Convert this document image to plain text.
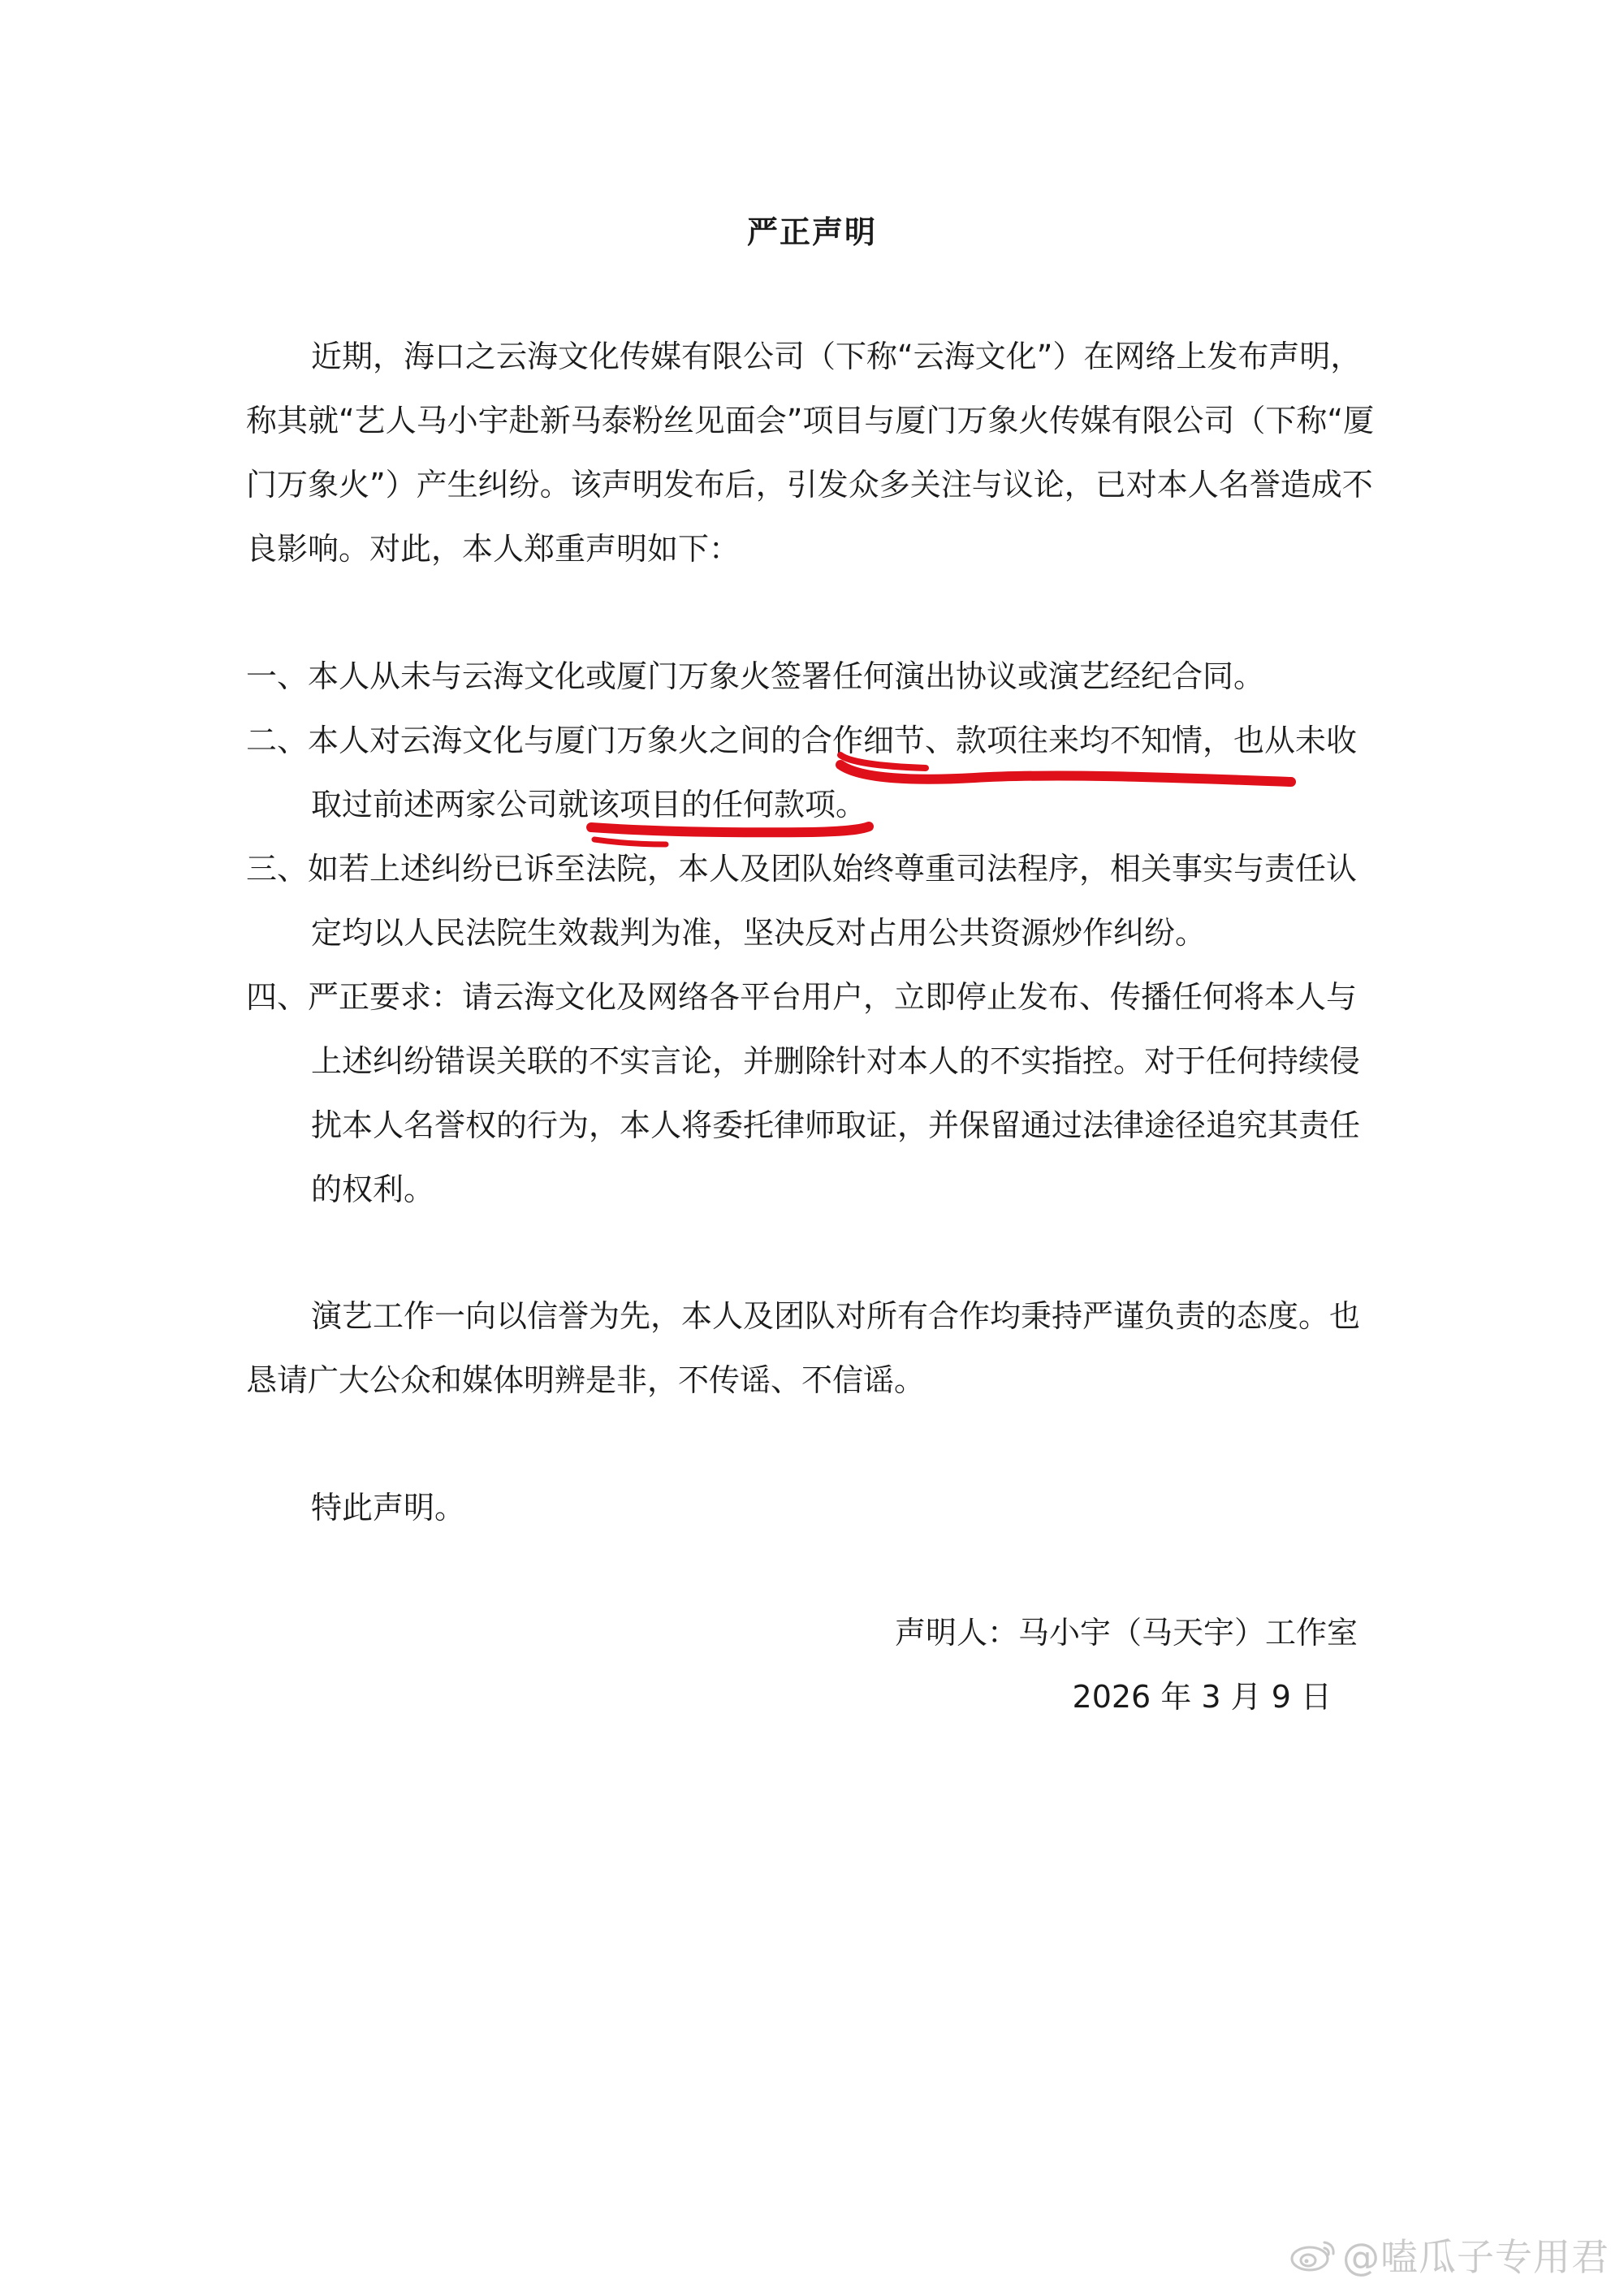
严正声明
近期，海口之云海文化传媒有限公司（下称“云海文化”）在网络上发布声明，称其就“艺人马小宇赴新马泰粉丝见面会”项目与厦门万象火传媒有限公司（下称“厦门万象火”）产生纠纷。该声明发布后，引发众多关注与议论，已对本人名誉造成不良影响。对此，本人郑重声明如下：
一、本人从未与云海文化或厦门万象火签署任何演出协议或演艺经纪合同。
二、本人对云海文化与厦门万象火之间的合作细节、款项往来均不知情，也从未收取过前述两家公司就该项目的任何款项。
三、如若上述纠纷已诉至法院，本人及团队始终尊重司法程序，相关事实与责任认定均以人民法院生效裁判为准，坚决反对占用公共资源炒作纠纷。
四、严正要求：请云海文化及网络各平台用户，立即停止发布、传播任何将本人与上述纠纷错误关联的不实言论，并删除针对本人的不实指控。对于任何持续侵扰本人名誉权的行为，本人将委托律师取证，并保留通过法律途径追究其责任的权利。
演艺工作一向以信誉为先，本人及团队对所有合作均秉持严谨负责的态度。也恳请广大公众和媒体明辨是非，不传谣、不信谣。
特此声明。
声明人：马小宇（马天宇）工作室
2026 年 3 月 9 日
@嗑瓜子专用君
